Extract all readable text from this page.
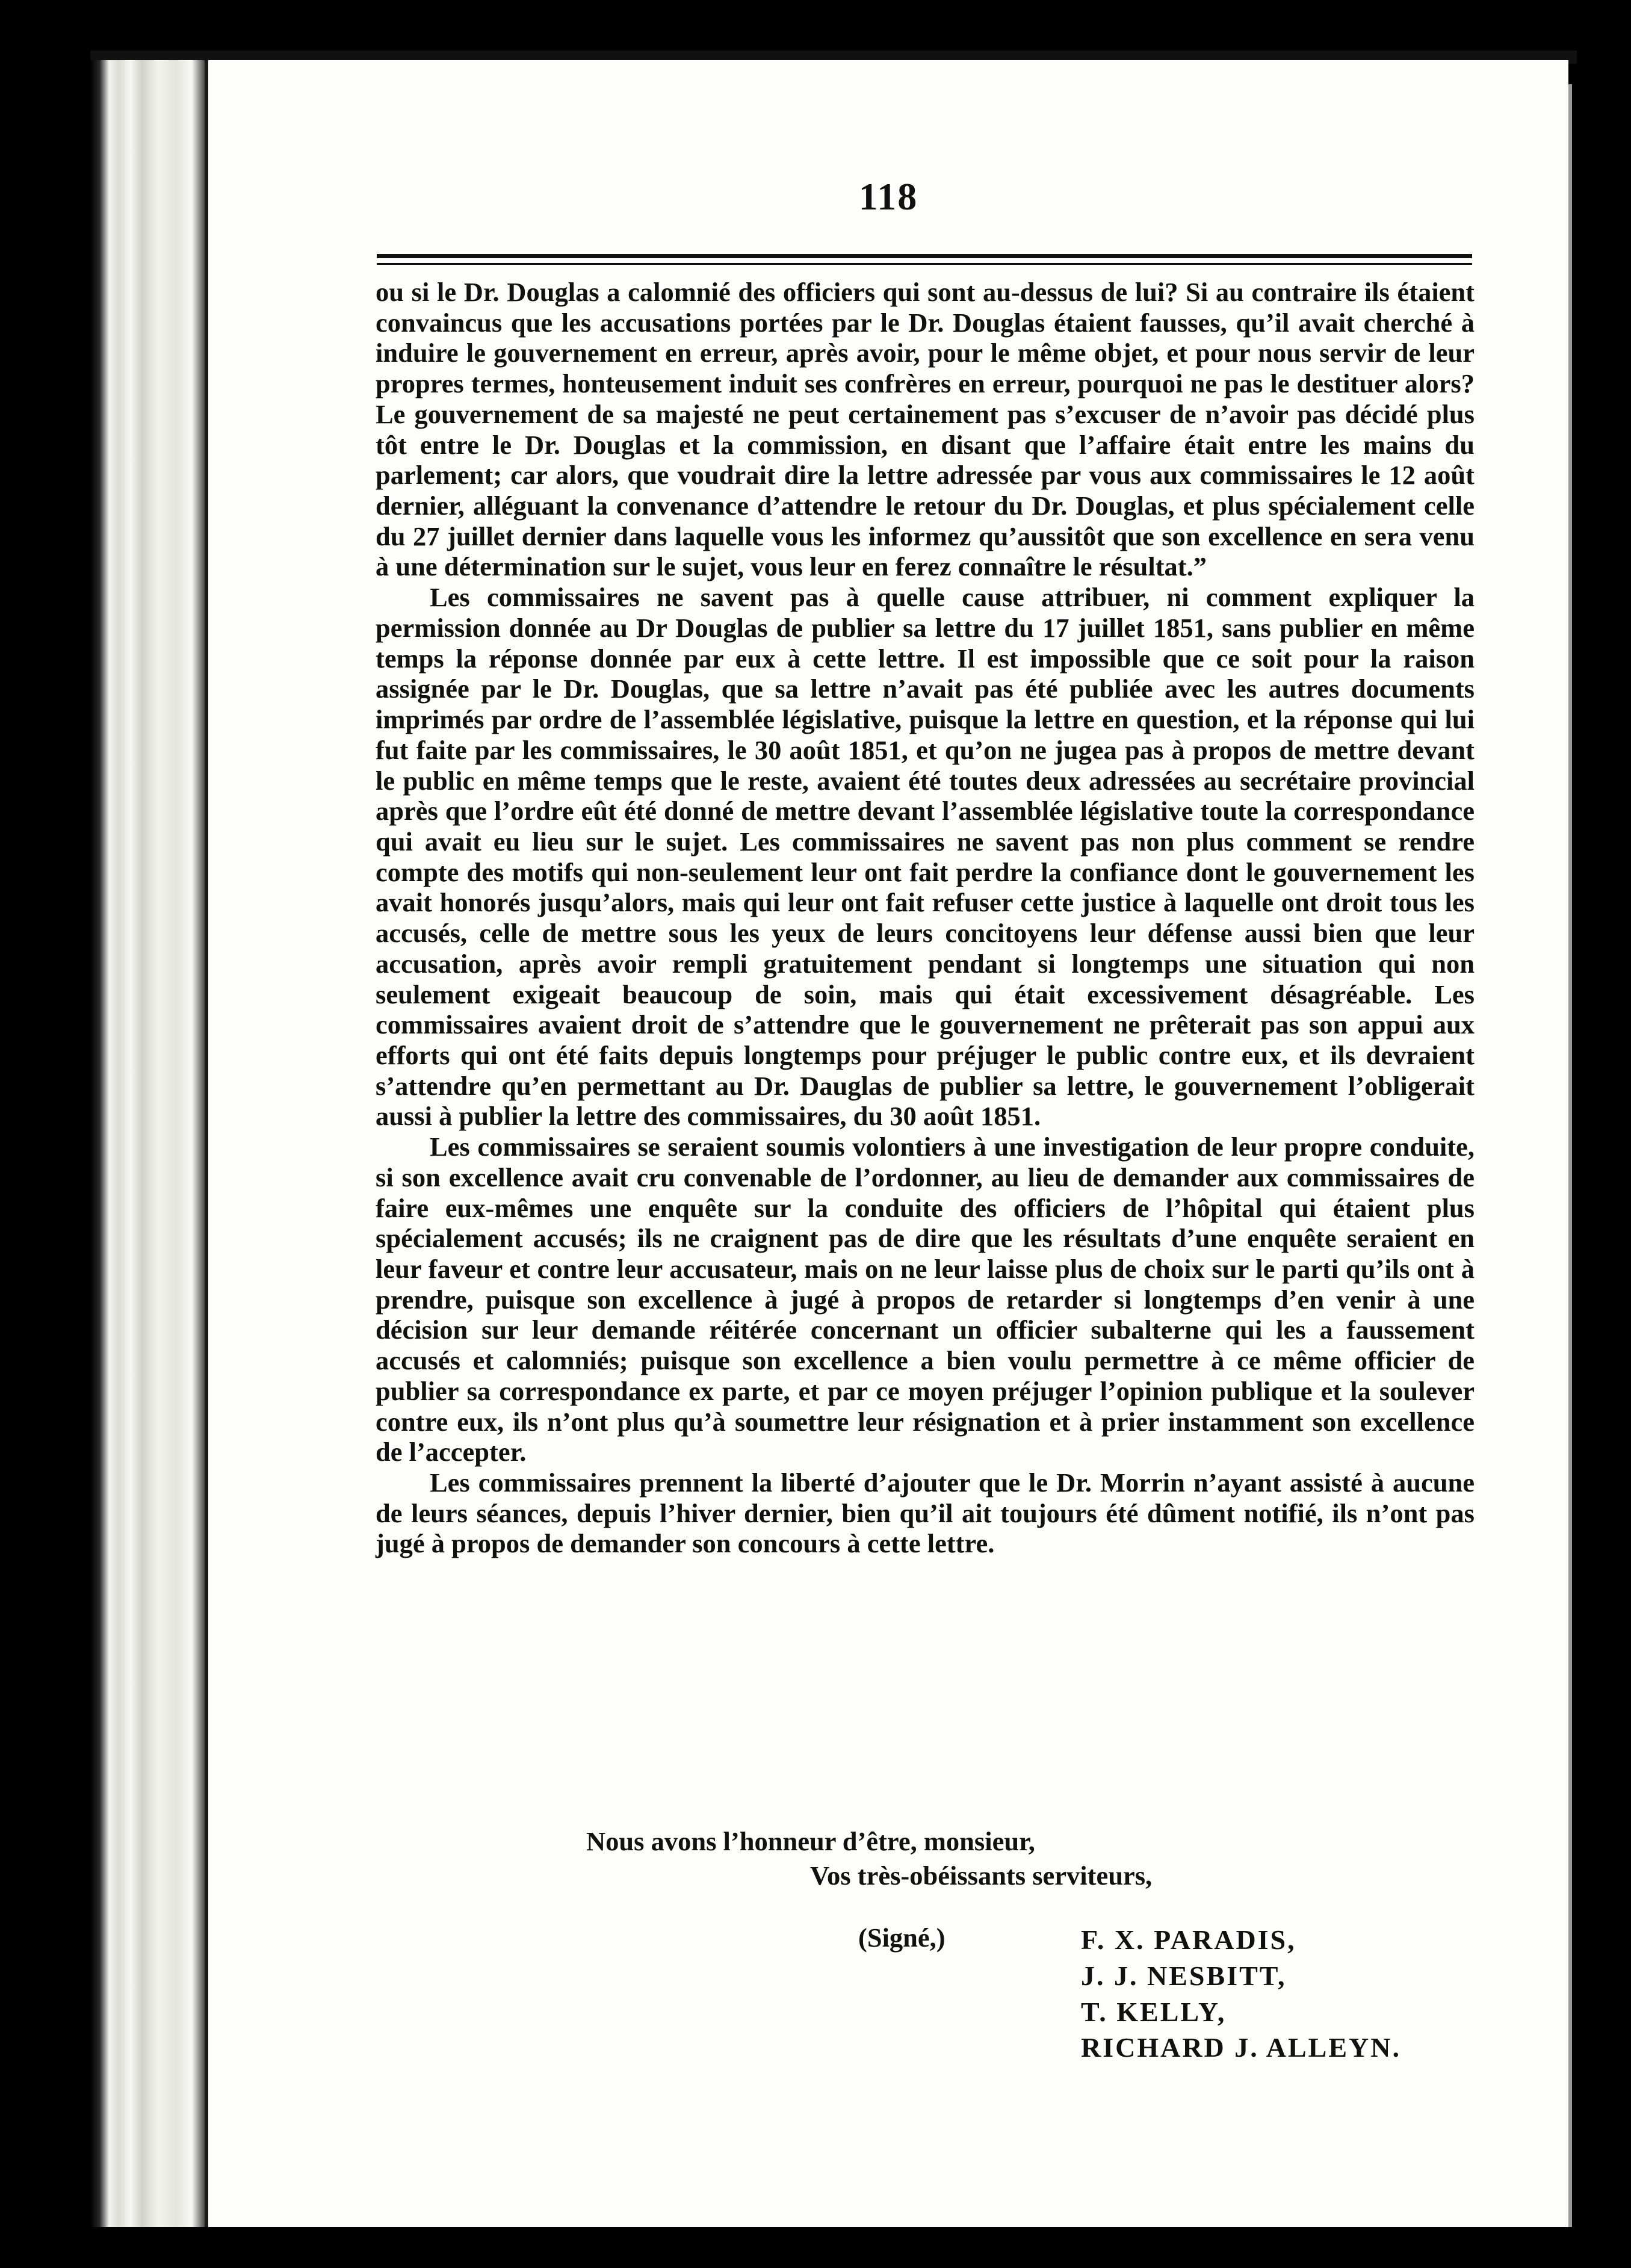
118

ou si le Dr. Douglas a calomnié des officiers qui sont au-dessus de lui? Si au contraire ils étaient convaincus que les accusations portées par le Dr. Douglas étaient fausses, qu’il avait cherché à induire le gouvernement en erreur, après avoir, pour le même objet, et pour nous servir de leur propres termes, honteusement induit ses confrères en erreur, pourquoi ne pas le destituer alors? Le gouvernement de sa majesté ne peut certainement pas s’excuser de n’avoir pas décidé plus tôt entre le Dr. Douglas et la commission, en disant que l’affaire était entre les mains du parlement; car alors, que voudrait dire la lettre adressée par vous aux commissaires le 12 août dernier, alléguant la convenance d’attendre le retour du Dr. Douglas, et plus spécialement celle du 27 juillet dernier dans laquelle vous les informez qu’aussitôt que son excellence en sera venu à une détermination sur le sujet, vous leur en ferez connaître le résultat.”

Les commissaires ne savent pas à quelle cause attribuer, ni comment expliquer la permission donnée au Dr Douglas de publier sa lettre du 17 juillet 1851, sans publier en même temps la réponse donnée par eux à cette lettre. Il est impossible que ce soit pour la raison assignée par le Dr. Douglas, que sa lettre n’avait pas été publiée avec les autres documents imprimés par ordre de l’assemblée législative, puisque la lettre en question, et la réponse qui lui fut faite par les commissaires, le 30 août 1851, et qu’on ne jugea pas à propos de mettre devant le public en même temps que le reste, avaient été toutes deux adressées au secrétaire provincial après que l’ordre eût été donné de mettre devant l’assemblée législative toute la correspondance qui avait eu lieu sur le sujet. Les commissaires ne savent pas non plus comment se rendre compte des motifs qui non-seulement leur ont fait perdre la confiance dont le gouvernement les avait honorés jusqu’alors, mais qui leur ont fait refuser cette justice à laquelle ont droit tous les accusés, celle de mettre sous les yeux de leurs concitoyens leur défense aussi bien que leur accusation, après avoir rempli gratuitement pendant si longtemps une situation qui non seulement exigeait beaucoup de soin, mais qui était excessivement désagréable. Les commissaires avaient droit de s’attendre que le gouvernement ne prêterait pas son appui aux efforts qui ont été faits depuis longtemps pour préjuger le public contre eux, et ils devraient s’attendre qu’en permettant au Dr. Dauglas de publier sa lettre, le gouvernement l’obligerait aussi à publier la lettre des commissaires, du 30 août 1851.

Les commissaires se seraient soumis volontiers à une investigation de leur propre conduite, si son excellence avait cru convenable de l’ordonner, au lieu de demander aux commissaires de faire eux-mêmes une enquête sur la conduite des officiers de l’hôpital qui étaient plus spécialement accusés; ils ne craignent pas de dire que les résultats d’une enquête seraient en leur faveur et contre leur accusateur, mais on ne leur laisse plus de choix sur le parti qu’ils ont à prendre, puisque son excellence à jugé à propos de retarder si longtemps d’en venir à une décision sur leur demande réitérée concernant un officier subalterne qui les a faussement accusés et calomniés; puisque son excellence a bien voulu permettre à ce même officier de publier sa correspondance ex parte, et par ce moyen préjuger l’opinion publique et la soulever contre eux, ils n’ont plus qu’à soumettre leur résignation et à prier instamment son excellence de l’accepter.

Les commissaires prennent la liberté d’ajouter que le Dr. Morrin n’ayant assisté à aucune de leurs séances, depuis l’hiver dernier, bien qu’il ait toujours été dûment notifié, ils n’ont pas jugé à propos de demander son concours à cette lettre.

Nous avons l’honneur d’être, monsieur,
Vos très-obéissants serviteurs,
(Signé,)	F. X. PARADIS,
J. J. NESBITT,
T. KELLY,
RICHARD J. ALLEYN.
